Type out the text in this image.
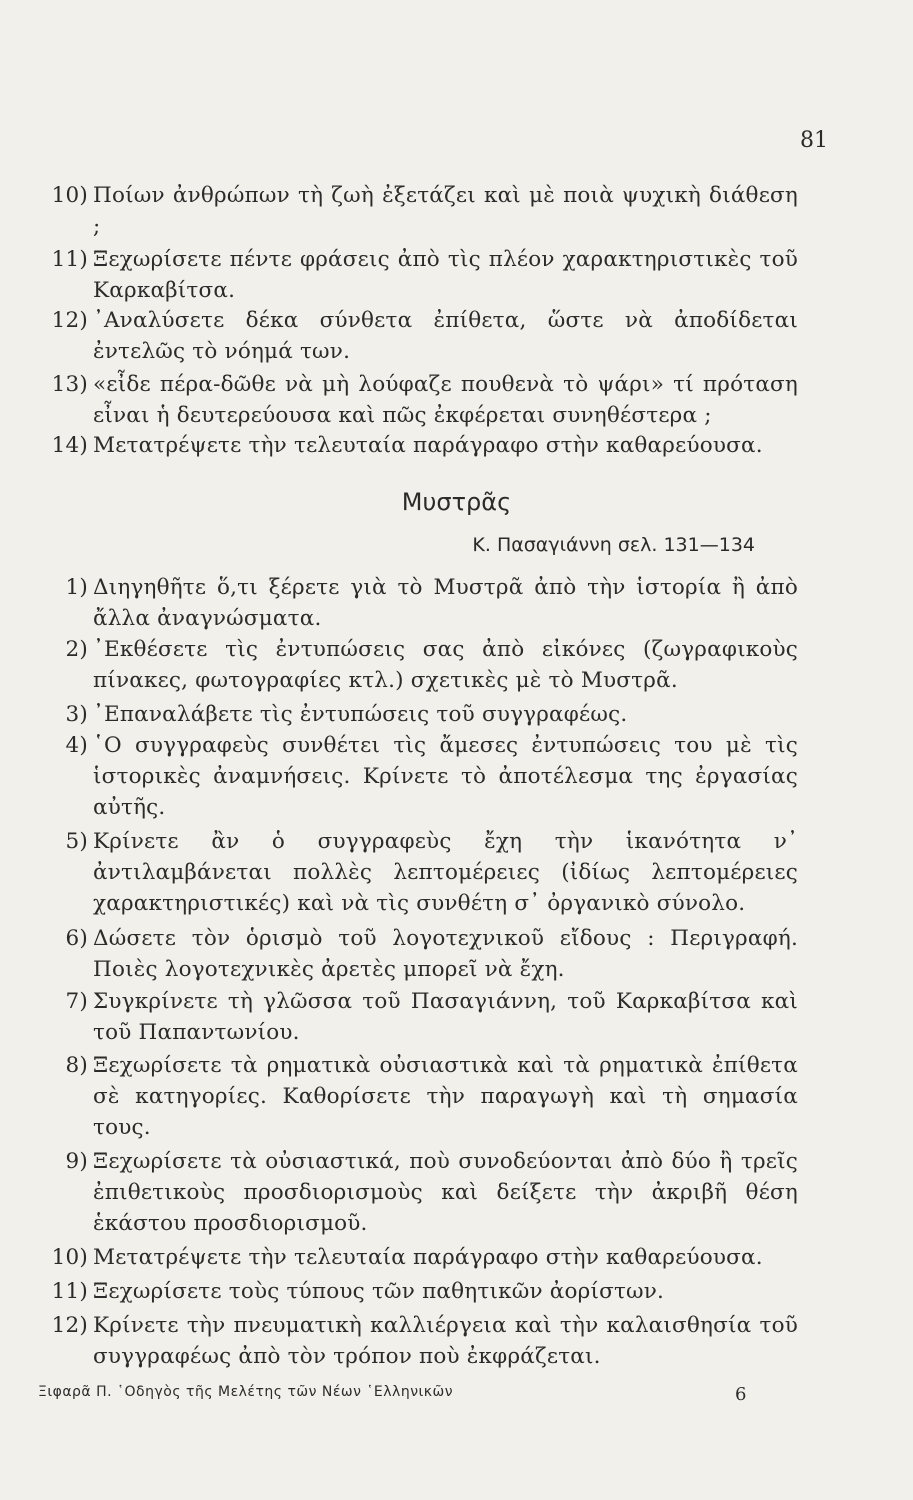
81
10) Ποίων ἀνθρώπων τὴ ζωὴ ἐξετάζει καὶ μὲ ποιὰ ψυχικὴ διάθεση ;
11) Ξεχωρίσετε πέντε φράσεις ἀπὸ τὶς πλέον χαρακτηριστικὲς τοῦ Καρκαβίτσα.
12) ᾿Αναλύσετε δέκα σύνθετα ἐπίθετα, ὥστε νὰ ἀποδίδεται ἐντελῶς τὸ νόημά των.
13) «εἶδε πέρα-δῶθε νὰ μὴ λούφαζε πουθενὰ τὸ ψάρι» τί πρόταση εἶναι ἡ δευτερεύουσα καὶ πῶς ἐκφέρεται συνηθέστερα ;
14) Μετατρέψετε τὴν τελευταία παράγραφο στὴν καθαρεύουσα.
Μυστρᾶς
Κ. Πασαγιάννη σελ. 131—134
1) Διηγηθῆτε ὅ,τι ξέρετε γιὰ τὸ Μυστρᾶ ἀπὸ τὴν ἱστορία ἢ ἀπὸ ἄλλα ἀναγνώσματα.
2) ᾿Εκθέσετε τὶς ἐντυπώσεις σας ἀπὸ εἰκόνες (ζωγραφικοὺς πίνακες, φωτογραφίες κτλ.) σχετικὲς μὲ τὸ Μυστρᾶ.
3) ᾿Επαναλάβετε τὶς ἐντυπώσεις τοῦ συγγραφέως.
4) ῾Ο συγγραφεὺς συνθέτει τὶς ἄμεσες ἐντυπώσεις του μὲ τὶς ἱστορικὲς ἀναμνήσεις. Κρίνετε τὸ ἀποτέλεσμα της ἐργασίας αὐτῆς.
5) Κρίνετε ἂν ὁ συγγραφεὺς ἔχη τὴν ἱκανότητα ν᾿ ἀντιλαμβάνεται πολλὲς λεπτομέρειες (ἰδίως λεπτομέρειες χαρακτηριστικές) καὶ νὰ τὶς συνθέτη σ᾿ ὀργανικὸ σύνολο.
6) Δώσετε τὸν ὁρισμὸ τοῦ λογοτεχνικοῦ εἴδους : Περιγραφή. Ποιὲς λογοτεχνικὲς ἀρετὲς μπορεῖ νὰ ἔχη.
7) Συγκρίνετε τὴ γλῶσσα τοῦ Πασαγιάννη, τοῦ Καρκαβίτσα καὶ τοῦ Παπαντωνίου.
8) Ξεχωρίσετε τὰ ρηματικὰ οὐσιαστικὰ καὶ τὰ ρηματικὰ ἐπίθετα σὲ κατηγορίες. Καθορίσετε τὴν παραγωγὴ καὶ τὴ σημασία τους.
9) Ξεχωρίσετε τὰ οὐσιαστικά, ποὺ συνοδεύονται ἀπὸ δύο ἢ τρεῖς ἐπιθετικοὺς προσδιορισμοὺς καὶ δείξετε τὴν ἀκριβῆ θέση ἑκάστου προσδιορισμοῦ.
10) Μετατρέψετε τὴν τελευταία παράγραφο στὴν καθαρεύουσα.
11) Ξεχωρίσετε τοὺς τύπους τῶν παθητικῶν ἀορίστων.
12) Κρίνετε τὴν πνευματικὴ καλλιέργεια καὶ τὴν καλαισθησία τοῦ συγγραφέως ἀπὸ τὸν τρόπον ποὺ ἐκφράζεται.
Ξιφαρᾶ Π. ῾Οδηγὸς τῆς Μελέτης τῶν Νέων ῾Ελληνικῶν	6
